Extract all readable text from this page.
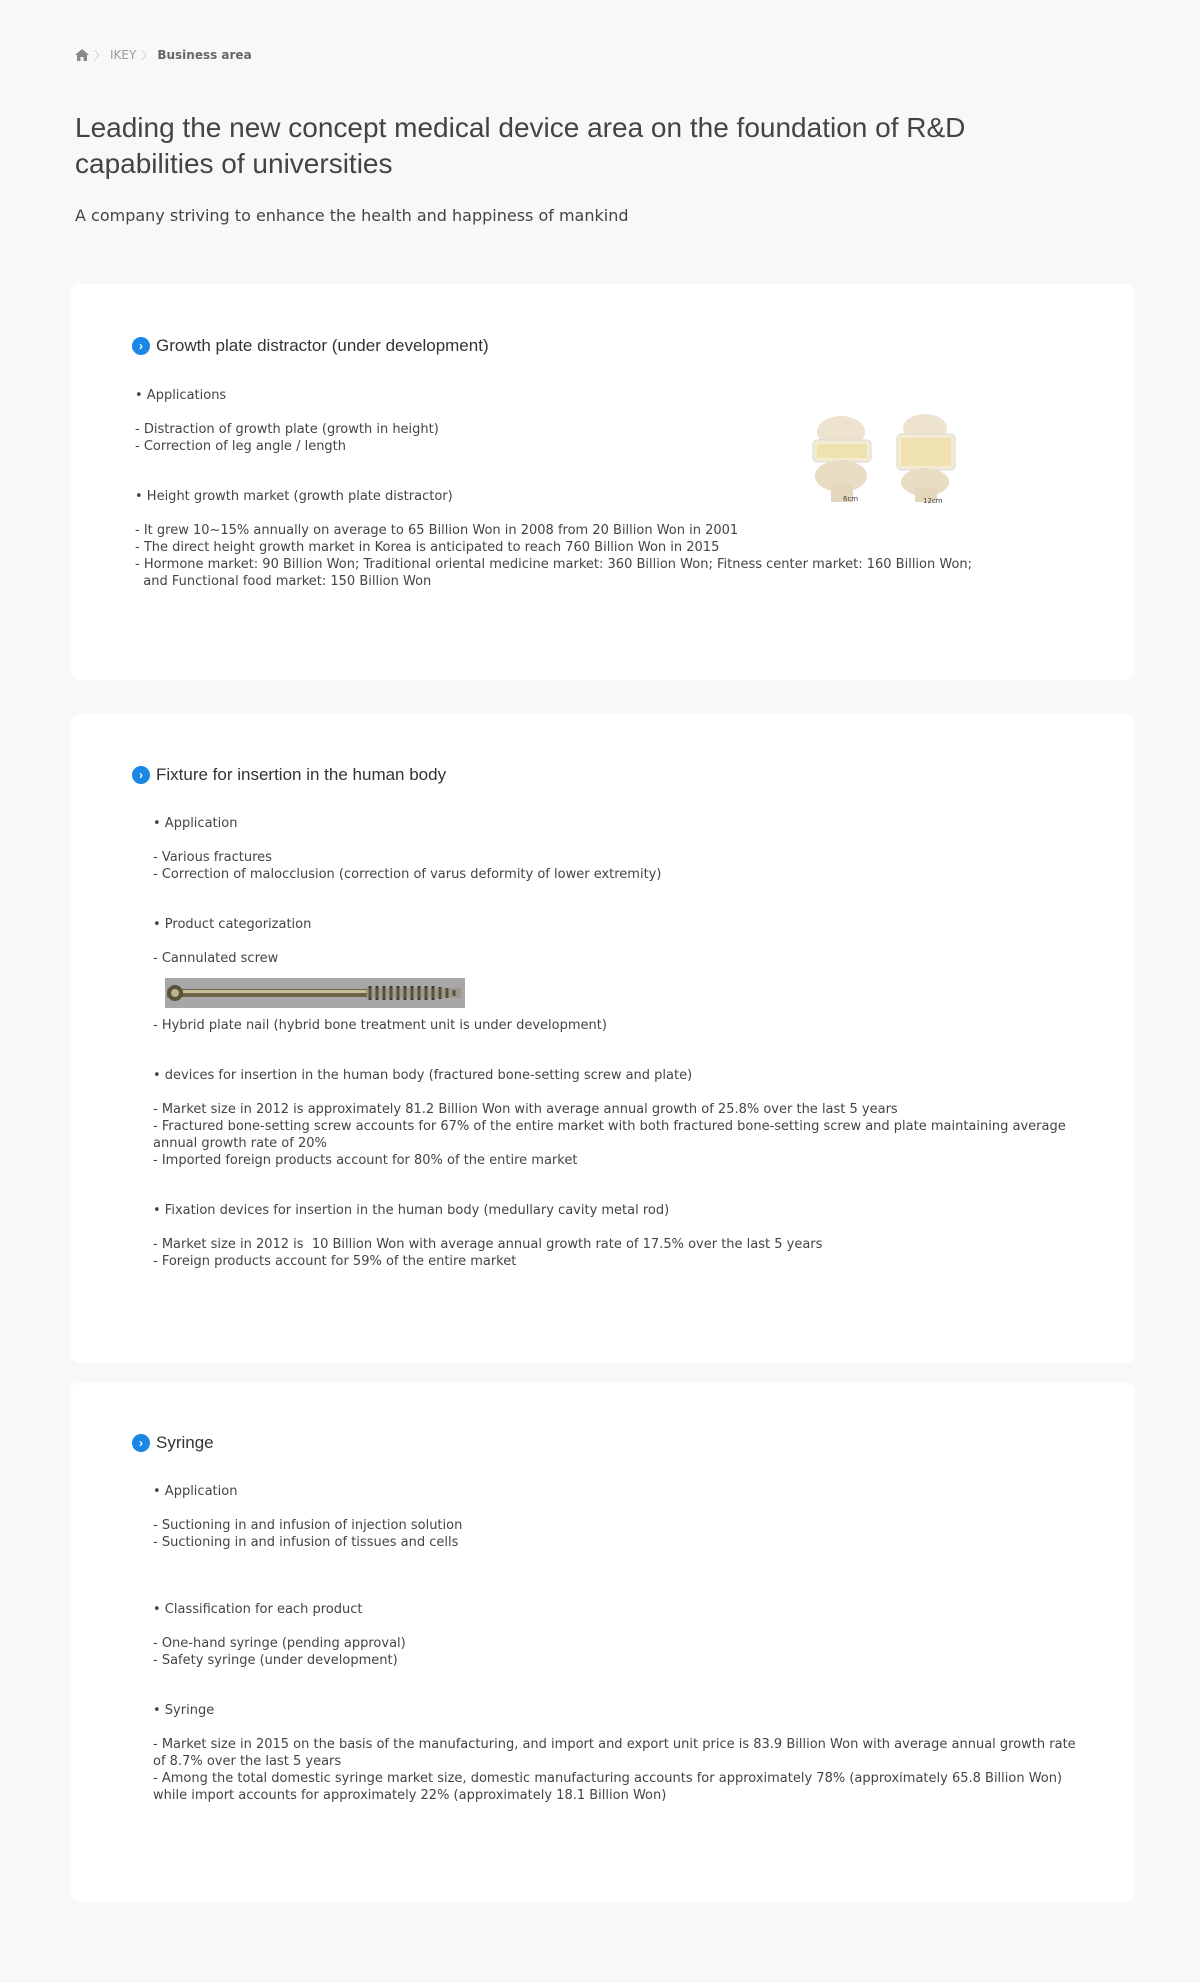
〉 IKEY 〉 Business area
Leading the new concept medical device area on the foundation of R&D capabilities of universities

A company striving to enhance the health and happiness of mankind

› Growth plate distractor (under development)
• Applications
- Distraction of growth plate (growth in height)
- Correction of leg angle / length
• Height growth market (growth plate distractor)
- It grew 10~15% annually on average to 65 Billion Won in 2008 from 20 Billion Won in 2001
- The direct height growth market in Korea is anticipated to reach 760 Billion Won in 2015
- Hormone market: 90 Billion Won; Traditional oriental medicine market: 360 Billion Won; Fitness center market: 160 Billion Won;
and Functional food market: 150 Billion Won
6cm	12cm
› Fixture for insertion in the human body
• Application
- Various fractures
- Correction of malocclusion (correction of varus deformity of lower extremity)
• Product categorization
- Cannulated screw
- Hybrid plate nail (hybrid bone treatment unit is under development)
• devices for insertion in the human body (fractured bone-setting screw and plate)
- Market size in 2012 is approximately 81.2 Billion Won with average annual growth of 25.8% over the last 5 years
- Fractured bone-setting screw accounts for 67% of the entire market with both fractured bone-setting screw and plate maintaining average annual growth rate of 20%
- Imported foreign products account for 80% of the entire market
• Fixation devices for insertion in the human body (medullary cavity metal rod)
- Market size in 2012 is  10 Billion Won with average annual growth rate of 17.5% over the last 5 years
- Foreign products account for 59% of the entire market
› Syringe
• Application
- Suctioning in and infusion of injection solution
- Suctioning in and infusion of tissues and cells
• Classification for each product
- One-hand syringe (pending approval)
- Safety syringe (under development)
• Syringe
- Market size in 2015 on the basis of the manufacturing, and import and export unit price is 83.9 Billion Won with average annual growth rate of 8.7% over the last 5 years
- Among the total domestic syringe market size, domestic manufacturing accounts for approximately 78% (approximately 65.8 Billion Won) while import accounts for approximately 22% (approximately 18.1 Billion Won)
